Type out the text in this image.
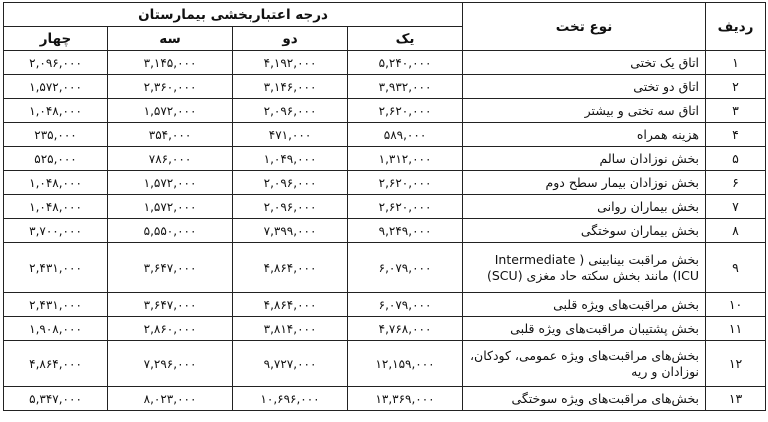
ردیف	نوع تخت	درجه اعتباربخشی بیمارستان			
		یک	دو	سه	چهار
۱	اتاق یک تختی	۵,۲۴۰,۰۰۰	۴,۱۹۲,۰۰۰	۳,۱۴۵,۰۰۰	۲,۰۹۶,۰۰۰
۲	اتاق دو تختی	۳,۹۳۲,۰۰۰	۳,۱۴۶,۰۰۰	۲,۳۶۰,۰۰۰	۱,۵۷۲,۰۰۰
۳	اتاق سه تختی و بیشتر	۲,۶۲۰,۰۰۰	۲,۰۹۶,۰۰۰	۱,۵۷۲,۰۰۰	۱,۰۴۸,۰۰۰
۴	هزینه همراه	۵۸۹,۰۰۰	۴۷۱,۰۰۰	۳۵۴,۰۰۰	۲۳۵,۰۰۰
۵	بخش نوزادان سالم	۱,۳۱۲,۰۰۰	۱,۰۴۹,۰۰۰	۷۸۶,۰۰۰	۵۲۵,۰۰۰
۶	بخش نوزادان بیمار سطح دوم	۲,۶۲۰,۰۰۰	۲,۰۹۶,۰۰۰	۱,۵۷۲,۰۰۰	۱,۰۴۸,۰۰۰
۷	بخش بیماران روانی	۲,۶۲۰,۰۰۰	۲,۰۹۶,۰۰۰	۱,۵۷۲,۰۰۰	۱,۰۴۸,۰۰۰
۸	بخش بیماران سوختگی	۹,۲۴۹,۰۰۰	۷,۳۹۹,۰۰۰	۵,۵۵۰,۰۰۰	۳,۷۰۰,۰۰۰
۹	بخش مراقبت بینابینی ( Intermediate ICU) مانند بخش سکته حاد مغزی (SCU)	۶,۰۷۹,۰۰۰	۴,۸۶۴,۰۰۰	۳,۶۴۷,۰۰۰	۲,۴۳۱,۰۰۰
۱۰	بخش مراقبت‌های ویژه قلبی	۶,۰۷۹,۰۰۰	۴,۸۶۴,۰۰۰	۳,۶۴۷,۰۰۰	۲,۴۳۱,۰۰۰
۱۱	بخش پشتیبان مراقبت‌های ویژه قلبی	۴,۷۶۸,۰۰۰	۳,۸۱۴,۰۰۰	۲,۸۶۰,۰۰۰	۱,۹۰۸,۰۰۰
۱۲	بخش‌های مراقبت‌های ویژه عمومی، کودکان، نوزادان و ریه	۱۲,۱۵۹,۰۰۰	۹,۷۲۷,۰۰۰	۷,۲۹۶,۰۰۰	۴,۸۶۴,۰۰۰
۱۳	بخش‌های مراقبت‌های ویژه سوختگی	۱۳,۳۶۹,۰۰۰	۱۰,۶۹۶,۰۰۰	۸,۰۲۳,۰۰۰	۵,۳۴۷,۰۰۰
